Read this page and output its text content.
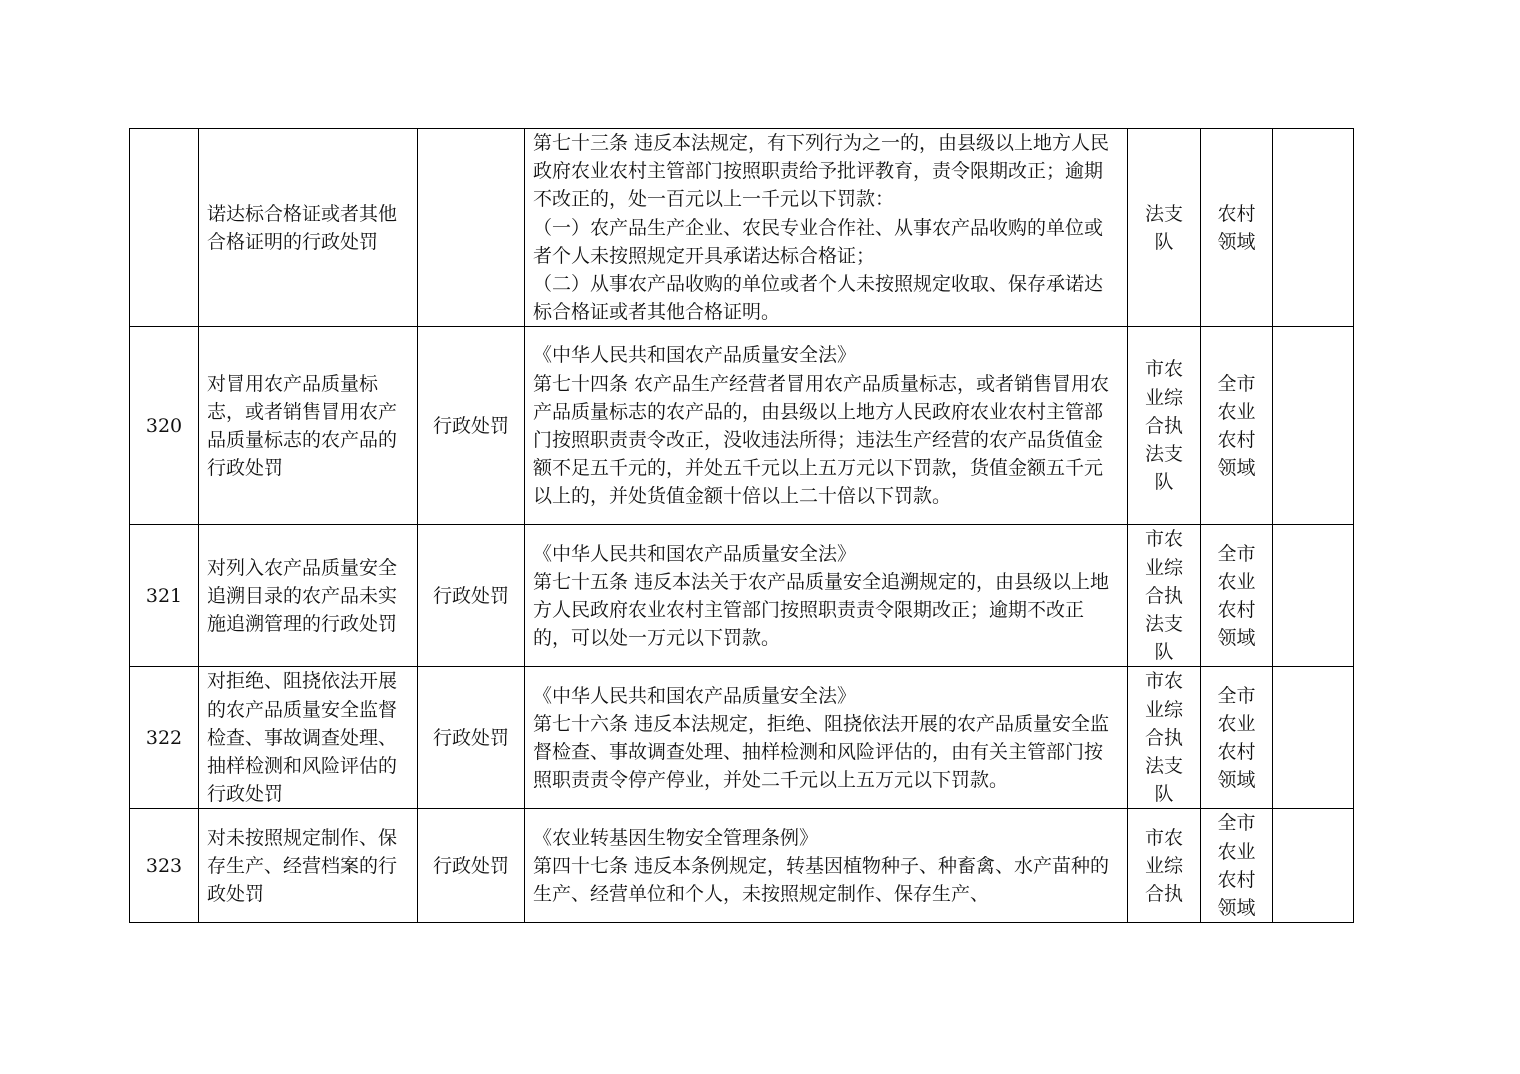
	诺达标合格证或者其他合格证明的行政处罚		第七十三条 违反本法规定，有下列行为之一的，由县级以上地方人民政府农业农村主管部门按照职责给予批评教育，责令限期改正；逾期不改正的，处一百元以上一千元以下罚款：
（一）农产品生产企业、农民专业合作社、从事农产品收购的单位或者个人未按照规定开具承诺达标合格证；
（二）从事农产品收购的单位或者个人未按照规定收取、保存承诺达标合格证或者其他合格证明。	法支队	农村领域	
320	对冒用农产品质量标志，或者销售冒用农产品质量标志的农产品的行政处罚	行政处罚	《中华人民共和国农产品质量安全法》
第七十四条 农产品生产经营者冒用农产品质量标志，或者销售冒用农产品质量标志的农产品的，由县级以上地方人民政府农业农村主管部门按照职责责令改正，没收违法所得；违法生产经营的农产品货值金额不足五千元的，并处五千元以上五万元以下罚款，货值金额五千元以上的，并处货值金额十倍以上二十倍以下罚款。	市农业综合执法支队	全市农业农村领域	
321	对列入农产品质量安全追溯目录的农产品未实施追溯管理的行政处罚	行政处罚	《中华人民共和国农产品质量安全法》
第七十五条 违反本法关于农产品质量安全追溯规定的，由县级以上地方人民政府农业农村主管部门按照职责责令限期改正；逾期不改正的，可以处一万元以下罚款。	市农业综合执法支队	全市农业农村领域	
322	对拒绝、阻挠依法开展的农产品质量安全监督检查、事故调查处理、抽样检测和风险评估的行政处罚	行政处罚	《中华人民共和国农产品质量安全法》
第七十六条 违反本法规定，拒绝、阻挠依法开展的农产品质量安全监督检查、事故调查处理、抽样检测和风险评估的，由有关主管部门按照职责责令停产停业，并处二千元以上五万元以下罚款。	市农业综合执法支队	全市农业农村领域	
323	对未按照规定制作、保存生产、经营档案的行政处罚	行政处罚	《农业转基因生物安全管理条例》
第四十七条 违反本条例规定，转基因植物种子、种畜禽、水产苗种的生产、经营单位和个人，未按照规定制作、保存生产、	市农业综合执	全市农业农村领域	
